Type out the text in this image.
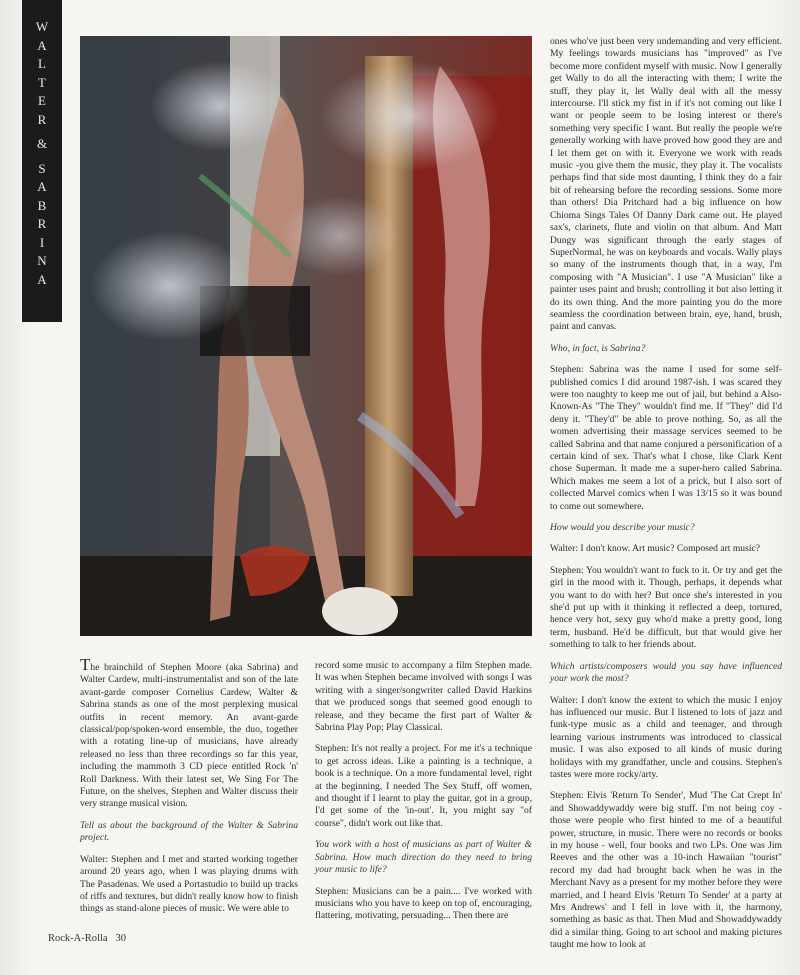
W
A
L
T
E
R
&
S
A
B
R
I
N
A

The brainchild of Stephen Moore (aka Sabrina) and Walter Cardew, multi-instrumentalist and son of the late avant-garde composer Cornelius Cardew, Walter & Sabrina stands as one of the most perplexing musical outfits in recent memory. An avant-garde classical/pop/spoken-word ensemble, the duo, together with a rotating line-up of musicians, have already released no less than three recordings so far this year, including the mammoth 3 CD piece entitled Rock 'n' Roll Darkness. With their latest set, We Sing For The Future, on the shelves, Stephen and Walter discuss their very strange musical vision.

Tell us about the background of the Walter & Sabrina project.

Walter: Stephen and I met and started working together around 20 years ago, when I was playing drums with The Pasadenas. We used a Portastudio to build up tracks of riffs and textures, but didn't really know how to finish things as stand-alone pieces of music. We were able to

record some music to accompany a film Stephen made. It was when Stephen became involved with songs I was writing with a singer/songwriter called David Harkins that we produced songs that seemed good enough to release, and they became the first part of Walter & Sabrina Play Pop; Play Classical.

Stephen: It's not really a project. For me it's a technique to get across ideas. Like a painting is a technique, a book is a technique. On a more fundamental level, right at the beginning, I needed The Sex Stuff, off women, and thought if I learnt to play the guitar, got in a group, I'd get some of the 'in-out'. It, you might say "of course", didn't work out like that.

You work with a host of musicians as part of Walter & Sabrina. How much direction do they need to bring your music to life?

Stephen: Musicians can be a pain.... I've worked with musicians who you have to keep on top of, encouraging, flattering, motivating, persuading... Then there are

ones who've just been very undemanding and very efficient. My feelings towards musicians has "improved" as I've become more confident myself with music. Now I generally get Wally to do all the interacting with them; I write the stuff, they play it, let Wally deal with all the messy intercourse. I'll stick my fist in if it's not coming out like I want or people seem to be losing interest or there's something very specific I want. But really the people we're generally working with have proved how good they are and I let them get on with it. Everyone we work with reads music -you give them the music, they play it. The vocalists perhaps find that side most daunting, I think they do a fair bit of rehearsing before the recording sessions. Some more than others! Dia Pritchard had a big influence on how Chioma Sings Tales Of Danny Dark came out. He played sax's, clarinets, flute and violin on that album. And Matt Dungy was significant through the early stages of SuperNormal, he was on keyboards and vocals. Wally plays so many of the instruments though that, in a way, I'm composing with "A Musician". I use "A Musician" like a painter uses paint and brush; controlling it but also letting it do its own thing. And the more painting you do the more seamless the coordination between brain, eye, hand, brush, paint and canvas.

Who, in fact, is Sabrina?

Stephen: Sabrina was the name I used for some self-published comics I did around 1987-ish. I was scared they were too naughty to keep me out of jail, but behind a Also-Known-As "The They" wouldn't find me. If "They" did I'd deny it. "They'd" be able to prove nothing. So, as all the women advertising their massage services seemed to be called Sabrina and that name conjured a personification of a certain kind of sex. That's what I chose, like Clark Kent chose Superman. It made me a super-hero called Sabrina. Which makes me seem a lot of a prick, but I also sort of collected Marvel comics when I was 13/15 so it was bound to come out somewhere.

How would you describe your music?

Walter: I don't know. Art music? Composed art music?

Stephen: You wouldn't want to fuck to it. Or try and get the girl in the mood with it. Though, perhaps, it depends what you want to do with her? But once she's interested in you she'd put up with it thinking it reflected a deep, tortured, hence very hot, sexy guy who'd make a pretty good, long term, husband. He'd be difficult, but that would give her something to talk to her friends about.

Which artists/composers would you say have influenced your work the most?

Walter: I don't know the extent to which the music I enjoy has influenced our music. But I listened to lots of jazz and funk-type music as a child and teenager, and through learning various instruments was introduced to classical music. I was also exposed to all kinds of music during holidays with my grandfather, uncle and cousins. Stephen's tastes were more rocky/arty.

Stephen: Elvis 'Return To Sender', Mud 'The Cat Crept In' and Showaddywaddy were big stuff. I'm not being coy - those were people who first hinted to me of a beautiful power, structure, in music. There were no records or books in my house - well, four books and two LPs. One was Jim Reeves and the other was a 10-inch Hawaiian "tourist" record my dad had brought back when he was in the Merchant Navy as a present for my mother before they were married, and I heard Elvis 'Return To Sender' at a party at Mrs Andrews' and I fell in love with it, the harmony, something as basic as that. Then Mud and Showaddywaddy did a similar thing. Going to art school and making pictures taught me how to look at

Rock-A-Rolla 30
